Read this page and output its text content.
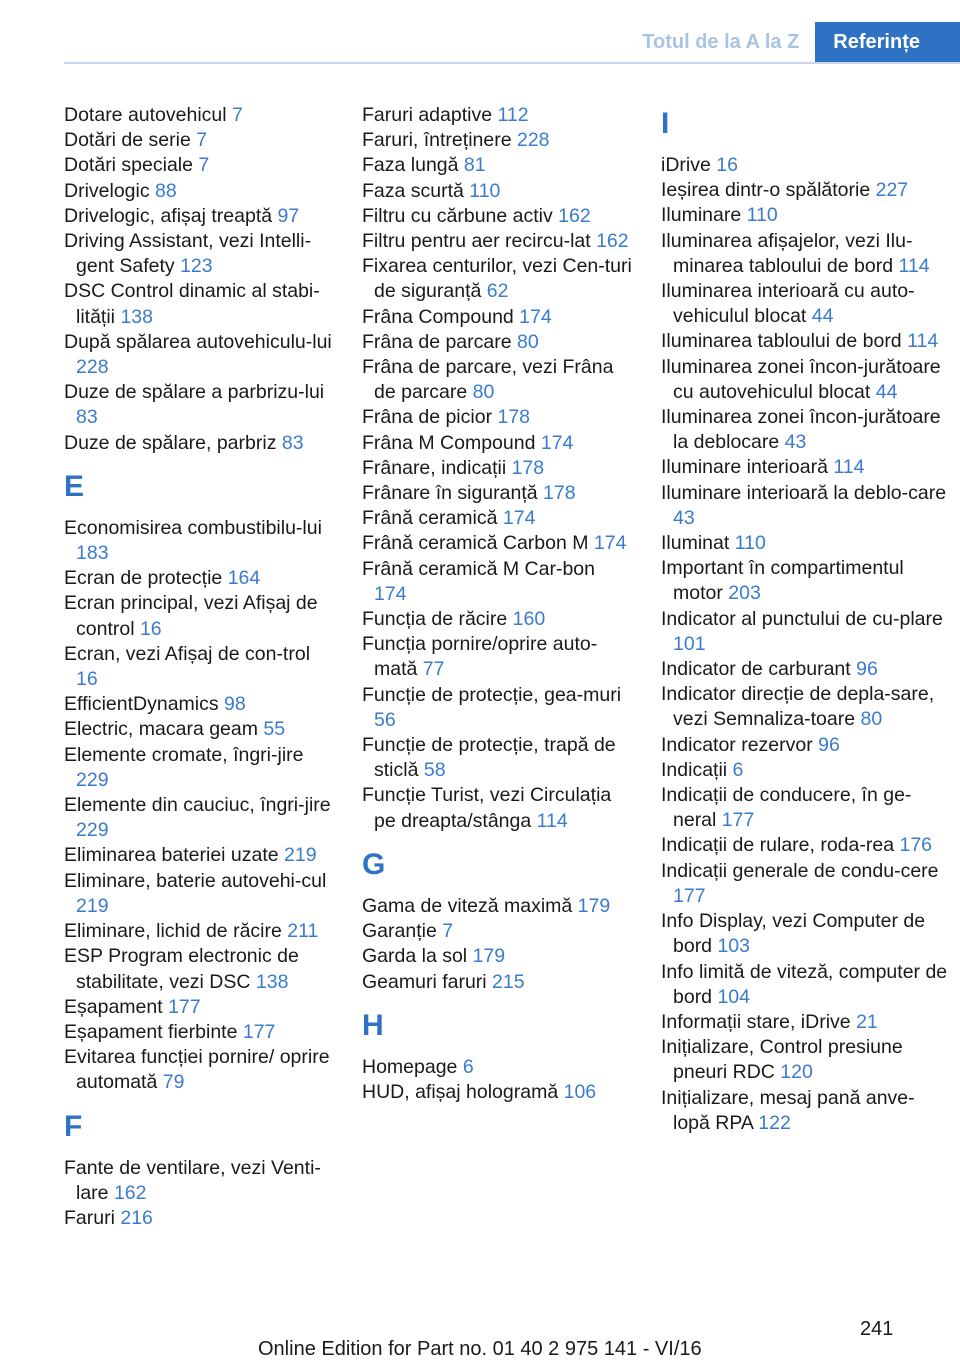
Totul de la A la Z	Referințe

Dotare autovehicul 7

Dotări de serie 7

Dotări speciale 7

Drivelogic 88

Drivelogic, afișaj treaptă 97

Driving Assistant, vezi Intelli‐gent Safety 123

DSC Control dinamic al stabi‐lității 138

După spălarea autovehiculu‐lui 228

Duze de spălare a parbrizu‐lui 83

Duze de spălare, parbriz 83

E

Economisirea combustibilu‐lui 183

Ecran de protecție 164

Ecran principal, vezi Afișaj de control 16

Ecran, vezi Afișaj de con‐trol 16

EfficientDynamics 98

Electric, macara geam 55

Elemente cromate, îngri‐jire 229

Elemente din cauciuc, îngri‐jire 229

Eliminarea bateriei uzate 219

Eliminare, baterie autovehi‐cul 219

Eliminare, lichid de răcire 211

ESP Program electronic de stabilitate, vezi DSC 138

Eșapament 177

Eșapament fierbinte 177

Evitarea funcției pornire/ oprire automată 79

F

Fante de ventilare, vezi Venti‐lare 162

Faruri 216

Faruri adaptive 112

Faruri, întreținere 228

Faza lungă 81

Faza scurtă 110

Filtru cu cărbune activ 162

Filtru pentru aer recircu‐lat 162

Fixarea centurilor, vezi Cen‐turi de siguranță 62

Frâna Compound 174

Frâna de parcare 80

Frâna de parcare, vezi Frâna de parcare 80

Frâna de picior 178

Frâna M Compound 174

Frânare, indicații 178

Frânare în siguranță 178

Frână ceramică 174

Frână ceramică Carbon M 174

Frână ceramică M Car‐bon 174

Funcția de răcire 160

Funcția pornire/oprire auto‐mată 77

Funcție de protecție, gea‐muri 56

Funcție de protecție, trapă de sticlă 58

Funcție Turist, vezi Circulația pe dreapta/stânga 114

G

Gama de viteză maximă 179

Garanție 7

Garda la sol 179

Geamuri faruri 215

H

Homepage 6

HUD, afișaj hologramă 106

I

iDrive 16

Ieșirea dintr-o spălătorie 227

Iluminare 110

Iluminarea afișajelor, vezi Ilu‐minarea tabloului de bord 114

Iluminarea interioară cu auto‐vehiculul blocat 44

Iluminarea tabloului de bord 114

Iluminarea zonei încon‐jurătoare cu autovehiculul blocat 44

Iluminarea zonei încon‐jurătoare la deblocare 43

Iluminare interioară 114

Iluminare interioară la deblo‐care 43

Iluminat 110

Important în compartimentul motor 203

Indicator al punctului de cu‐plare 101

Indicator de carburant 96

Indicator direcție de depla‐sare, vezi Semnaliza‐toare 80

Indicator rezervor 96

Indicații 6

Indicații de conducere, în ge‐neral 177

Indicații de rulare, roda‐rea 176

Indicații generale de condu‐cere 177

Info Display, vezi Computer de bord 103

Info limită de viteză, computer de bord 104

Informații stare, iDrive 21

Inițializare, Control presiune pneuri RDC 120

Inițializare, mesaj pană anve‐lopă RPA 122

241
Online Edition for Part no. 01 40 2 975 141 - VI/16
